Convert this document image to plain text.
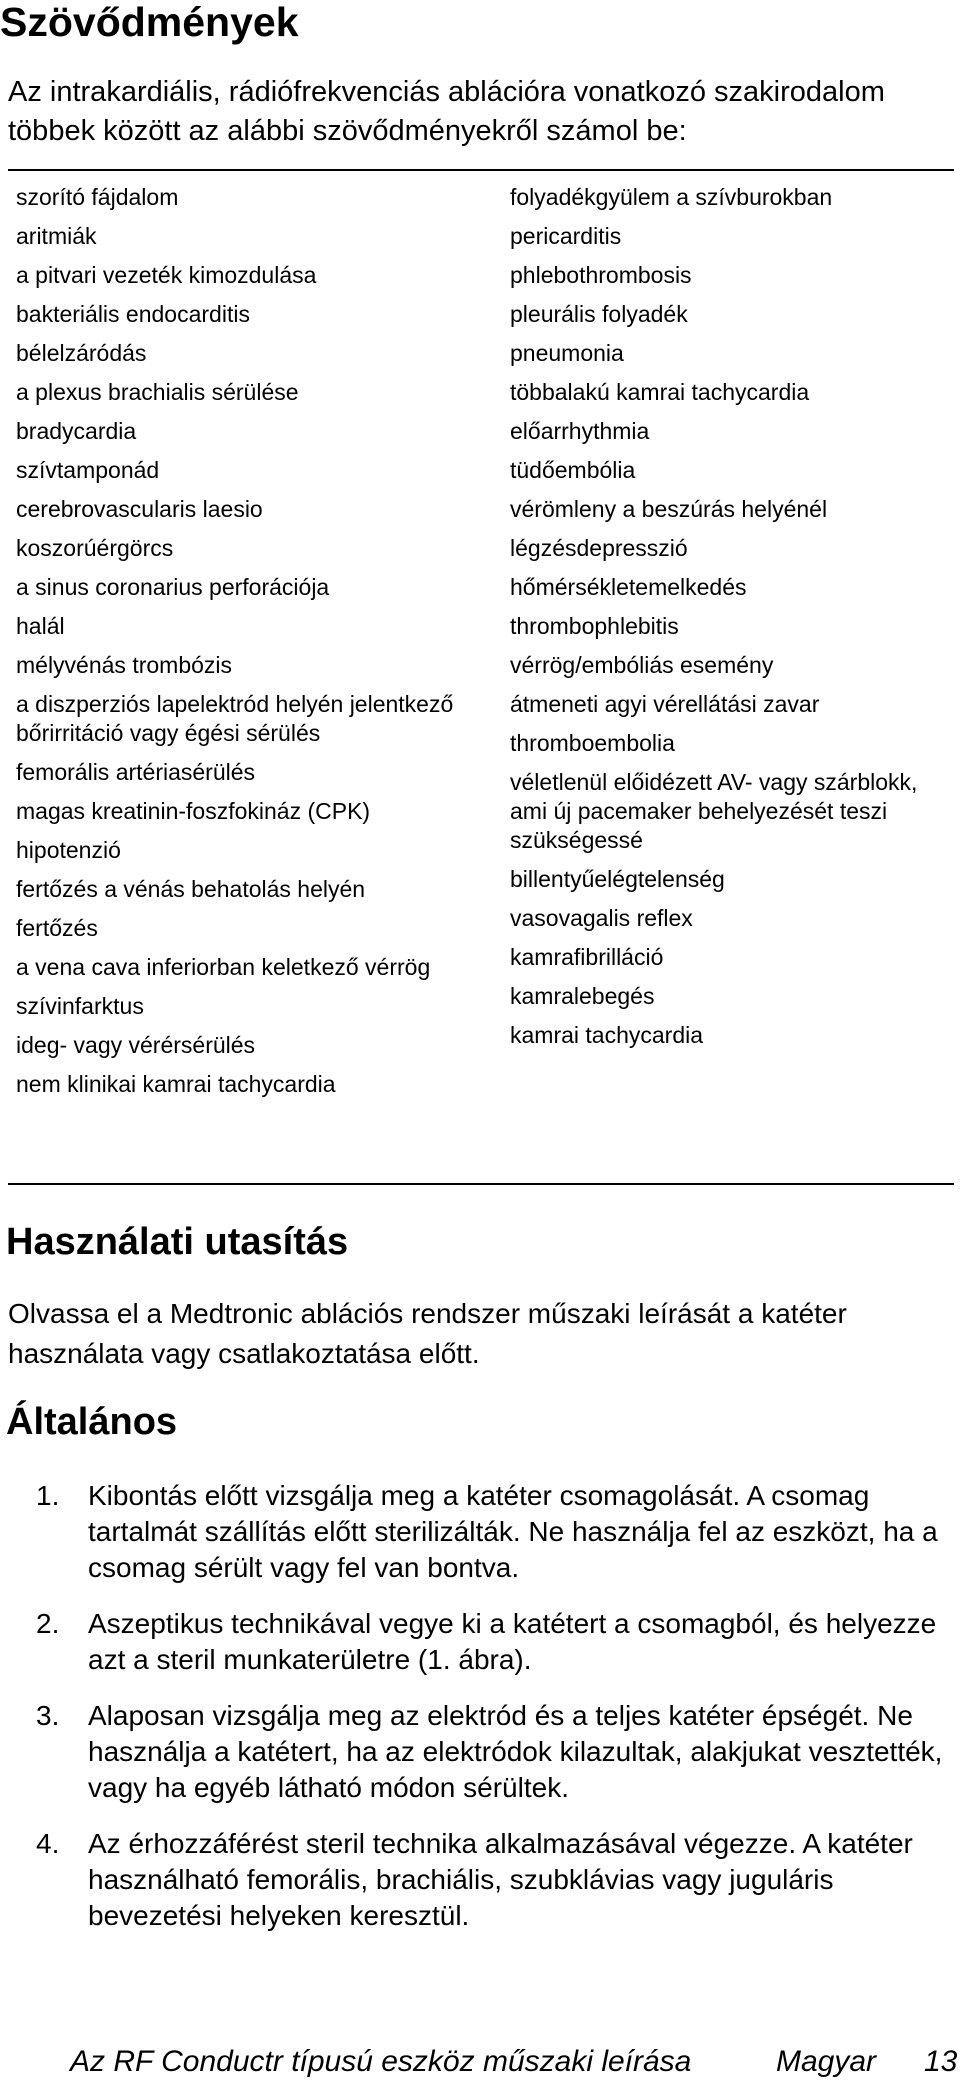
Szövődmények

Az intrakardiális, rádiófrekvenciás ablációra vonatkozó szakirodalom többek között az alábbi szövődményekről számol be:

szorító fájdalom
aritmiák
a pitvari vezeték kimozdulása
bakteriális endocarditis
bélelzáródás
a plexus brachialis sérülése
bradycardia
szívtamponád
cerebrovascularis laesio
koszorúérgörcs
a sinus coronarius perforációja
halál
mélyvénás trombózis
a diszperziós lapelektród helyén jelentkező bőrirritáció vagy égési sérülés
femorális artériasérülés
magas kreatinin-foszfokináz (CPK)
hipotenzió
fertőzés a vénás behatolás helyén
fertőzés
a vena cava inferiorban keletkező vérrög
szívinfarktus
ideg- vagy vérérsérülés
nem klinikai kamrai tachycardia
folyadékgyülem a szívburokban
pericarditis
phlebothrombosis
pleurális folyadék
pneumonia
többalakú kamrai tachycardia
előarrhythmia
tüdőembólia
vérömleny a beszúrás helyénél
légzésdepresszió
hőmérsékletemelkedés
thrombophlebitis
vérrög/embóliás esemény
átmeneti agyi vérellátási zavar
thromboembolia
véletlenül előidézett AV- vagy szárblokk, ami új pacemaker behelyezését teszi szükségessé
billentyűelégtelenség
vasovagalis reflex
kamrafibrilláció
kamralebegés
kamrai tachycardia
Használati utasítás

Olvassa el a Medtronic ablációs rendszer műszaki leírását a katéter használata vagy csatlakoztatása előtt.

Általános
1.	Kibontás előtt vizsgálja meg a katéter csomagolását. A csomag tartalmát szállítás előtt sterilizálták. Ne használja fel az eszközt, ha a csomag sérült vagy fel van bontva.
2.	Aszeptikus technikával vegye ki a katétert a csomagból, és helyezze azt a steril munkaterületre (1. ábra).
3.	Alaposan vizsgálja meg az elektród és a teljes katéter épségét. Ne használja a katétert, ha az elektródok kilazultak, alakjukat vesztették, vagy ha egyéb látható módon sérültek.
4.	Az érhozzáférést steril technika alkalmazásával végezze. A katéter használható femorális, brachiális, szubklávias vagy juguláris bevezetési helyeken keresztül.
Az RF Conductr típusú eszköz műszaki leírása	Magyar 13
